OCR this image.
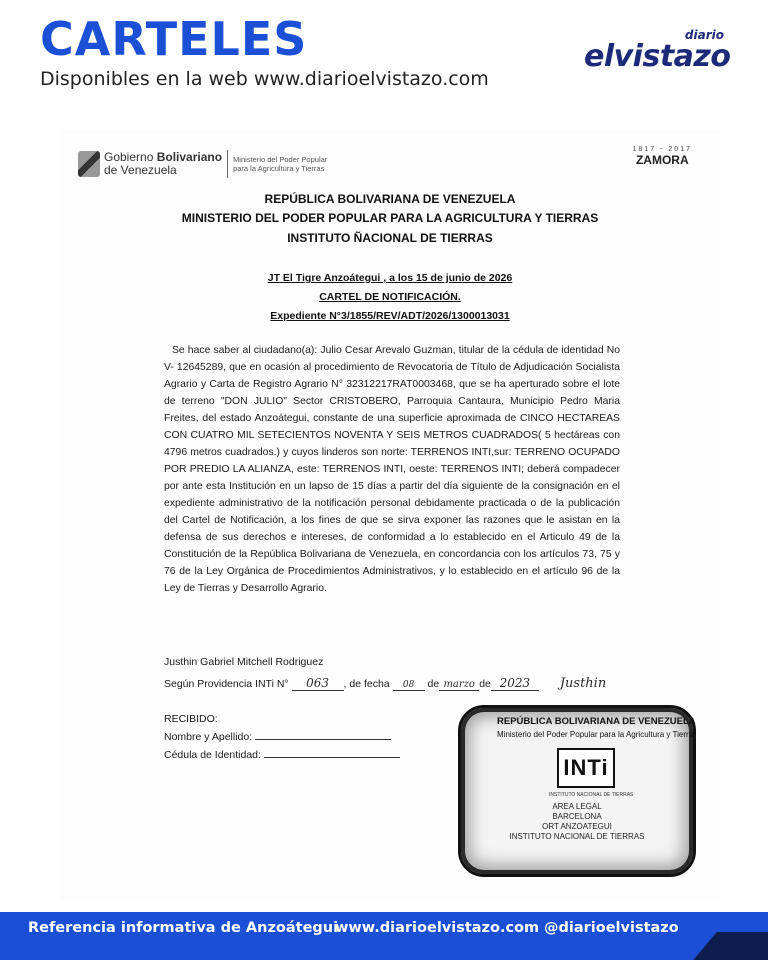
CARTELES
Disponibles en la web www.diarioelvistazo.com
diario
elvistazo
Gobierno Bolivariano
de Venezuela
Ministerio del Poder Popular
para la Agricultura y Tierras
1817 - 2017
ZAMORA
REPÚBLICA BOLIVARIANA DE VENEZUELA
MINISTERIO DEL PODER POPULAR PARA LA AGRICULTURA Y TIERRAS
INSTITUTO ÑACIONAL DE TIERRAS
JT El Tigre Anzoátegui , a los 15 de junio de 2026
CARTEL DE NOTIFICACIÓN.
Expediente N°3/1855/REV/ADT/2026/1300013031
Se hace saber al ciudadano(a): Julio Cesar Arevalo Guzman, titular de la cédula de identidad No V- 12645289, que en ocasión al procedimiento de Revocatoria de Título de Adjudicación Socialista Agrario y Carta de Registro Agrario N° 32312217RAT0003468, que se ha aperturado sobre el lote de terreno "DON JULIO" Sector CRISTOBERO, Parroquia Cantaura, Municipio Pedro Maria Freites, del estado Anzoátegui, constante de una superficie aproximada de CINCO HECTAREAS CON CUATRO MIL SETECIENTOS NOVENTA Y SEIS METROS CUADRADOS( 5 hectáreas con 4796 metros cuadrados.) y cuyos linderos son norte: TERRENOS INTI,sur: TERRENO OCUPADO POR PREDIO LA ALIANZA, este: TERRENOS INTI, oeste: TERRENOS INTI; deberá compadecer por ante esta Institución en un lapso de 15 días a partir del día siguiente de la consignación en el expediente administrativo de la notificación personal debidamente practicada o de la publicación del Cartel de Notificación, a los fines de que se sirva exponer las razones que le asistan en la defensa de sus derechos e intereses, de conformidad a lo establecido en el Articulo 49 de la Constitución de la República Bolivariana de Venezuela, en concordancia con los artículos 73, 75 y 76 de la Ley Orgánica de Procedimientos Administrativos, y lo establecido en el artículo 96 de la Ley de Tierras y Desarrollo Agrario.
Justhin Gabriel Mitchell Rodriguez
Según Providencia INTi N° 063 , de fecha 08 de marzo de 2023 Justhin
RECIBIDO:
Nombre y Apellido:
Cédula de Identidad:
REPÚBLICA BOLIVARIANA DE VENEZUELA
Ministerio del Poder Popular para la Agricultura y Tierra
INTi
INSTITUTO NACIONAL DE TIERRAS
AREA LEGAL
BARCELONA
ORT ANZOATEGUI
INSTITUTO NACIONAL DE TIERRAS
Referencia informativa de Anzoátegui
www.diarioelvistazo.com @diarioelvistazo
